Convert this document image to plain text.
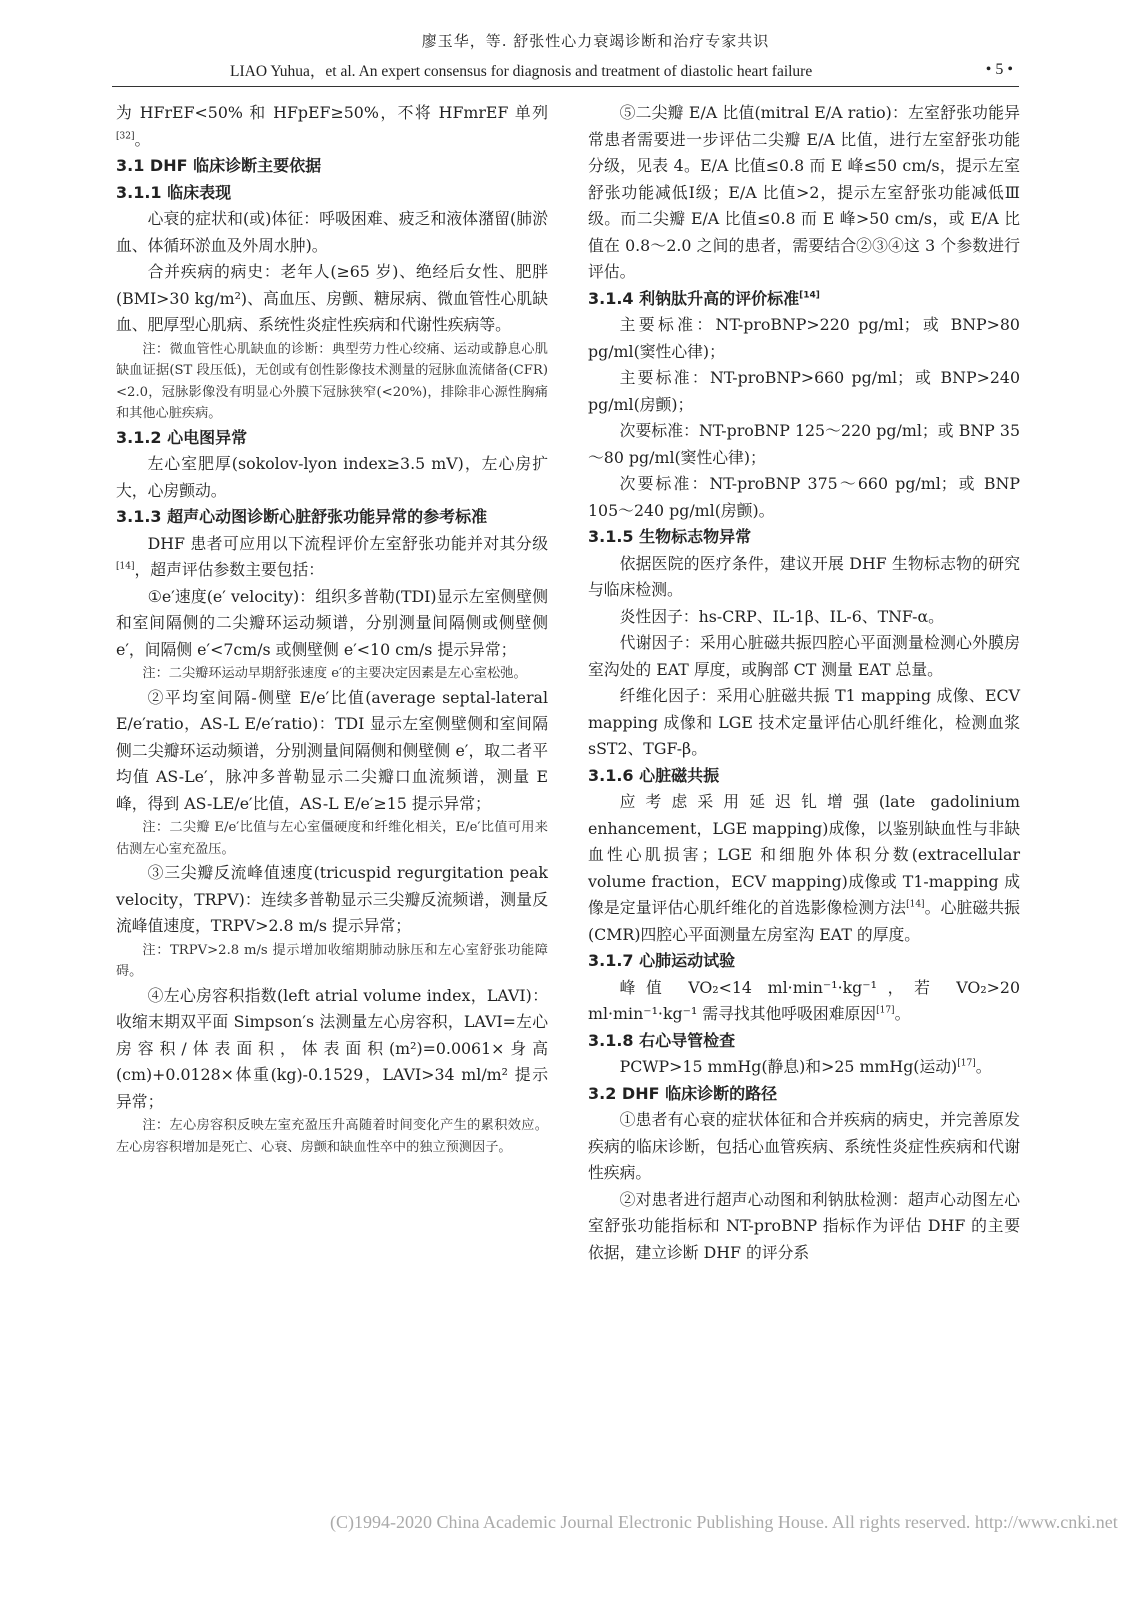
廖玉华，等. 舒张性心力衰竭诊断和治疗专家共识
LIAO Yuhua，et al. An expert consensus for diagnosis and treatment of diastolic heart failure	• 5 •

为 HFrEF<50% 和 HFpEF≥50%，不将 HFmrEF 单列[32]。

3.1 DHF 临床诊断主要依据
3.1.1 临床表现

心衰的症状和(或)体征：呼吸困难、疲乏和液体潴留(肺淤血、体循环淤血及外周水肿)。

合并疾病的病史：老年人(≥65 岁)、绝经后女性、肥胖(BMI>30 kg/m²)、高血压、房颤、糖尿病、微血管性心肌缺血、肥厚型心肌病、系统性炎症性疾病和代谢性疾病等。

注：微血管性心肌缺血的诊断：典型劳力性心绞痛、运动或静息心肌缺血证据(ST 段压低)，无创或有创性影像技术测量的冠脉血流储备(CFR)<2.0，冠脉影像没有明显心外膜下冠脉狭窄(<20%)，排除非心源性胸痛和其他心脏疾病。

3.1.2 心电图异常

左心室肥厚(sokolov-lyon index≥3.5 mV)，左心房扩大，心房颤动。

3.1.3 超声心动图诊断心脏舒张功能异常的参考标准

DHF 患者可应用以下流程评价左室舒张功能并对其分级[14]，超声评估参数主要包括：

①e′速度(e′ velocity)：组织多普勒(TDI)显示左室侧壁侧和室间隔侧的二尖瓣环运动频谱，分别测量间隔侧或侧壁侧 e′，间隔侧 e′<7cm/s 或侧壁侧 e′<10 cm/s 提示异常；

注：二尖瓣环运动早期舒张速度 e′的主要决定因素是左心室松弛。

②平均室间隔-侧壁 E/e′比值(average septal-lateral E/e′ratio，AS-L E/e′ratio)：TDI 显示左室侧壁侧和室间隔侧二尖瓣环运动频谱，分别测量间隔侧和侧壁侧 e′，取二者平均值 AS-Le′，脉冲多普勒显示二尖瓣口血流频谱，测量 E 峰，得到 AS-LE/e′比值，AS-L E/e′≥15 提示异常；

注：二尖瓣 E/e′比值与左心室僵硬度和纤维化相关，E/e′比值可用来估测左心室充盈压。

③三尖瓣反流峰值速度(tricuspid regurgitation peak velocity，TRPV)：连续多普勒显示三尖瓣反流频谱，测量反流峰值速度，TRPV>2.8 m/s 提示异常；

注：TRPV>2.8 m/s 提示增加收缩期肺动脉压和左心室舒张功能障碍。

④左心房容积指数(left atrial volume index，LAVI)：收缩末期双平面 Simpson′s 法测量左心房容积，LAVI=左心房容积/体表面积，体表面积(m²)=0.0061×身高(cm)+0.0128×体重(kg)-0.1529，LAVI>34 ml/m² 提示异常；

注：左心房容积反映左室充盈压升高随着时间变化产生的累积效应。左心房容积增加是死亡、心衰、房颤和缺血性卒中的独立预测因子。

⑤二尖瓣 E/A 比值(mitral E/A ratio)：左室舒张功能异常患者需要进一步评估二尖瓣 E/A 比值，进行左室舒张功能分级，见表 4。E/A 比值≤0.8 而 E 峰≤50 cm/s，提示左室舒张功能减低Ⅰ级；E/A 比值>2，提示左室舒张功能减低Ⅲ级。而二尖瓣 E/A 比值≤0.8 而 E 峰>50 cm/s，或 E/A 比值在 0.8～2.0 之间的患者，需要结合②③④这 3 个参数进行评估。

3.1.4 利钠肽升高的评价标准[14]

主要标准：NT-proBNP>220 pg/ml；或 BNP>80 pg/ml(窦性心律)；

主要标准：NT-proBNP>660 pg/ml；或 BNP>240 pg/ml(房颤)；

次要标准：NT-proBNP 125～220 pg/ml；或 BNP 35～80 pg/ml(窦性心律)；

次要标准：NT-proBNP 375～660 pg/ml；或 BNP 105～240 pg/ml(房颤)。

3.1.5 生物标志物异常

依据医院的医疗条件，建议开展 DHF 生物标志物的研究与临床检测。

炎性因子：hs-CRP、IL-1β、IL-6、TNF-α。

代谢因子：采用心脏磁共振四腔心平面测量检测心外膜房室沟处的 EAT 厚度，或胸部 CT 测量 EAT 总量。

纤维化因子：采用心脏磁共振 T1 mapping 成像、ECV mapping 成像和 LGE 技术定量评估心肌纤维化，检测血浆 sST2、TGF-β。

3.1.6 心脏磁共振

应考虑采用延迟钆增强(late gadolinium enhancement，LGE mapping)成像，以鉴别缺血性与非缺血性心肌损害；LGE 和细胞外体积分数(extracellular volume fraction，ECV mapping)成像或 T1-mapping 成像是定量评估心肌纤维化的首选影像检测方法[14]。心脏磁共振(CMR)四腔心平面测量左房室沟 EAT 的厚度。

3.1.7 心肺运动试验

峰值 VO₂<14 ml·min⁻¹·kg⁻¹，若 VO₂>20 ml·min⁻¹·kg⁻¹ 需寻找其他呼吸困难原因[17]。

3.1.8 右心导管检查

PCWP>15 mmHg(静息)和>25 mmHg(运动)[17]。

3.2 DHF 临床诊断的路径

①患者有心衰的症状体征和合并疾病的病史，并完善原发疾病的临床诊断，包括心血管疾病、系统性炎症性疾病和代谢性疾病。

②对患者进行超声心动图和利钠肽检测：超声心动图左心室舒张功能指标和 NT-proBNP 指标作为评估 DHF 的主要依据，建立诊断 DHF 的评分系

(C)1994-2020 China Academic Journal Electronic Publishing House. All rights reserved. http://www.cnki.net
